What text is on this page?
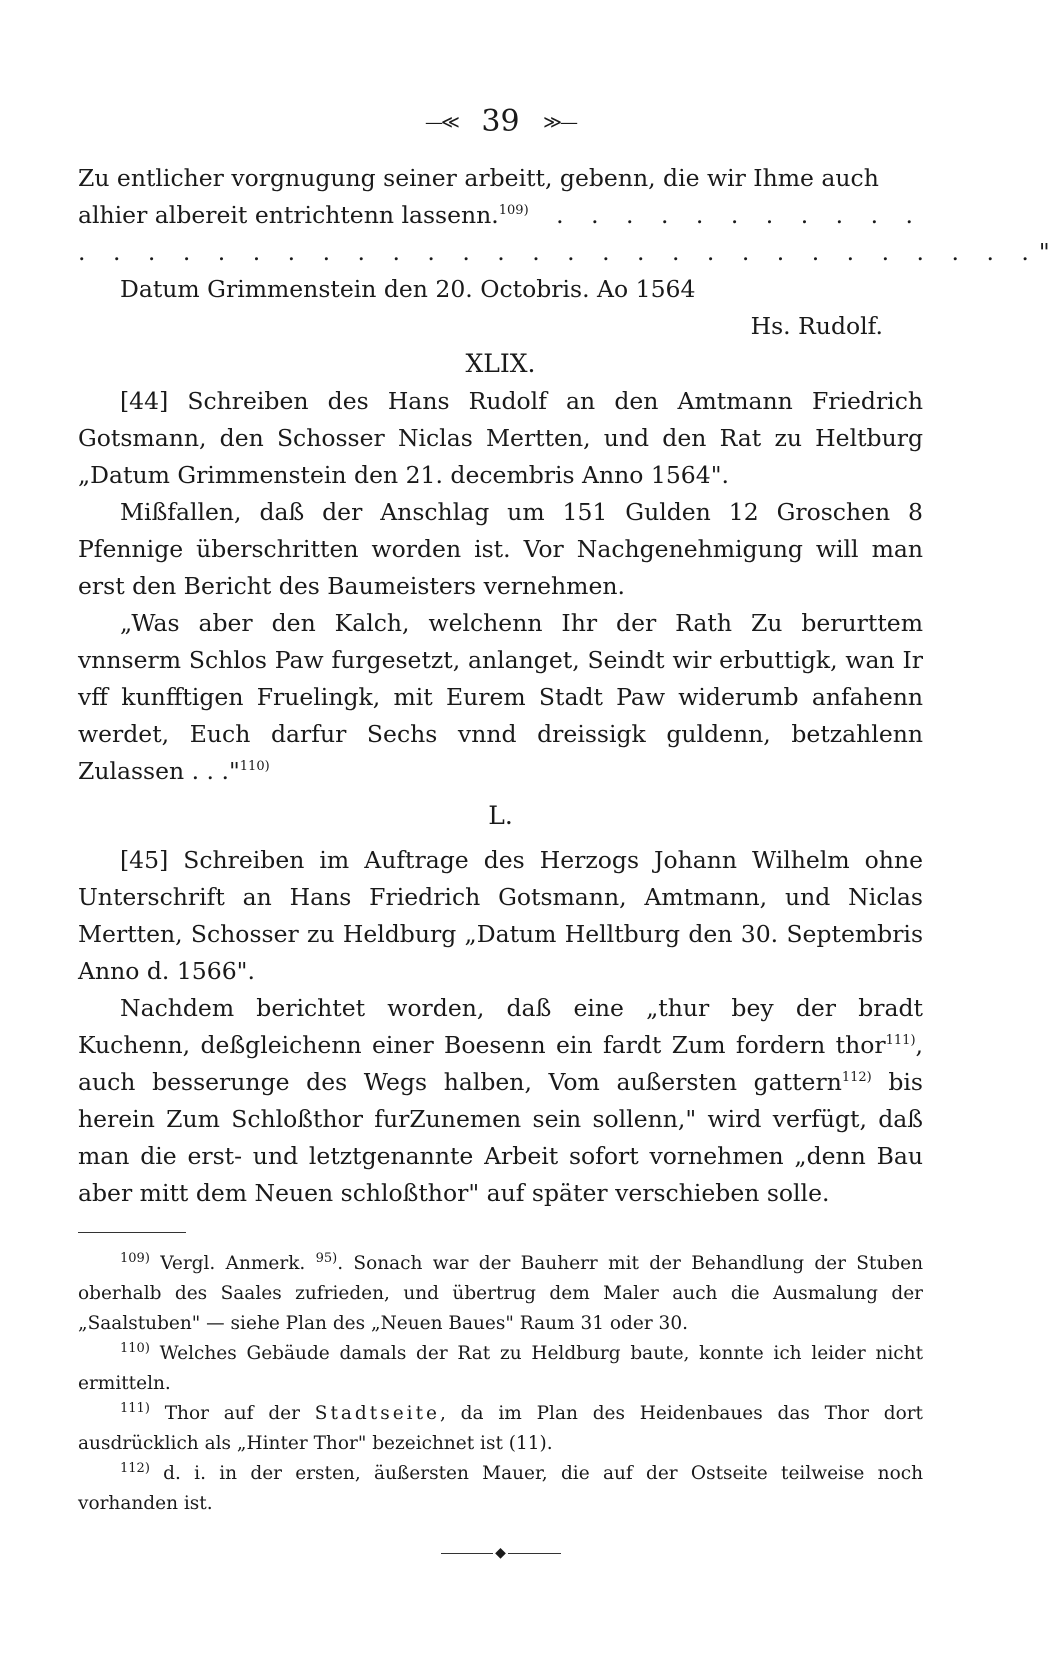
—≪ 39 ≫—

Zu entlicher vorgnugung seiner arbeitt, gebenn, die wir Ihme auch

alhier albereit entrichtenn lassenn.$^{109)}$	. . . . . . . . . . .
. . . . . . . . . . . . . . . . . . . . . . . . . . . . "

Datum Grimmenstein den 20. Octobris. Ao 1564

Hs. Rudolf.

XLIX.

[44] Schreiben des Hans Rudolf an den Amtmann Friedrich Gotsmann, den Schosser Niclas Mertten, und den Rat zu Heltburg „Datum Grimmenstein den 21. decembris Anno 1564".

Mißfallen, daß der Anschlag um 151 Gulden 12 Groschen 8 Pfennige überschritten worden ist. Vor Nachgenehmigung will man erst den Bericht des Baumeisters vernehmen.

„Was aber den Kalch, welchenn Ihr der Rath Zu berurttem vnnserm Schlos Paw furgesetzt, anlanget, Seindt wir erbuttigk, wan Ir vff kunfftigen Fruelingk, mit Eurem Stadt Paw widerumb anfahenn werdet, Euch darfur Sechs vnnd dreissigk guldenn, betzahlenn Zulassen . . ."$^{110)}$

L.

[45] Schreiben im Auftrage des Herzogs Johann Wilhelm ohne Unterschrift an Hans Friedrich Gotsmann, Amtmann, und Niclas Mertten, Schosser zu Heldburg „Datum Helltburg den 30. Septembris Anno d. 1566".

Nachdem berichtet worden, daß eine „thur bey der bradt Kuchenn, deßgleichenn einer Boesenn ein fardt Zum fordern thor$^{111)}$, auch besserunge des Wegs halben, Vom außersten gattern$^{112)}$ bis herein Zum Schloßthor furZunemen sein sollenn," wird verfügt, daß man die erst- und letztgenannte Arbeit sofort vornehmen „denn Bau aber mitt dem Neuen schloßthor" auf später verschieben solle.

$^{109)}$ Vergl. Anmerk. $^{95)}$. Sonach war der Bauherr mit der Behandlung der Stuben oberhalb des Saales zufrieden, und übertrug dem Maler auch die Ausmalung der „Saalstuben" — siehe Plan des „Neuen Baues" Raum 31 oder 30.

$^{110)}$ Welches Gebäude damals der Rat zu Heldburg baute, konnte ich leider nicht ermitteln.

$^{111)}$ Thor auf der Stadtseite, da im Plan des Heidenbaues das Thor dort ausdrücklich als „Hinter Thor" bezeichnet ist (11).

$^{112)}$ d. i. in der ersten, äußersten Mauer, die auf der Ostseite teilweise noch vorhanden ist.

◆
